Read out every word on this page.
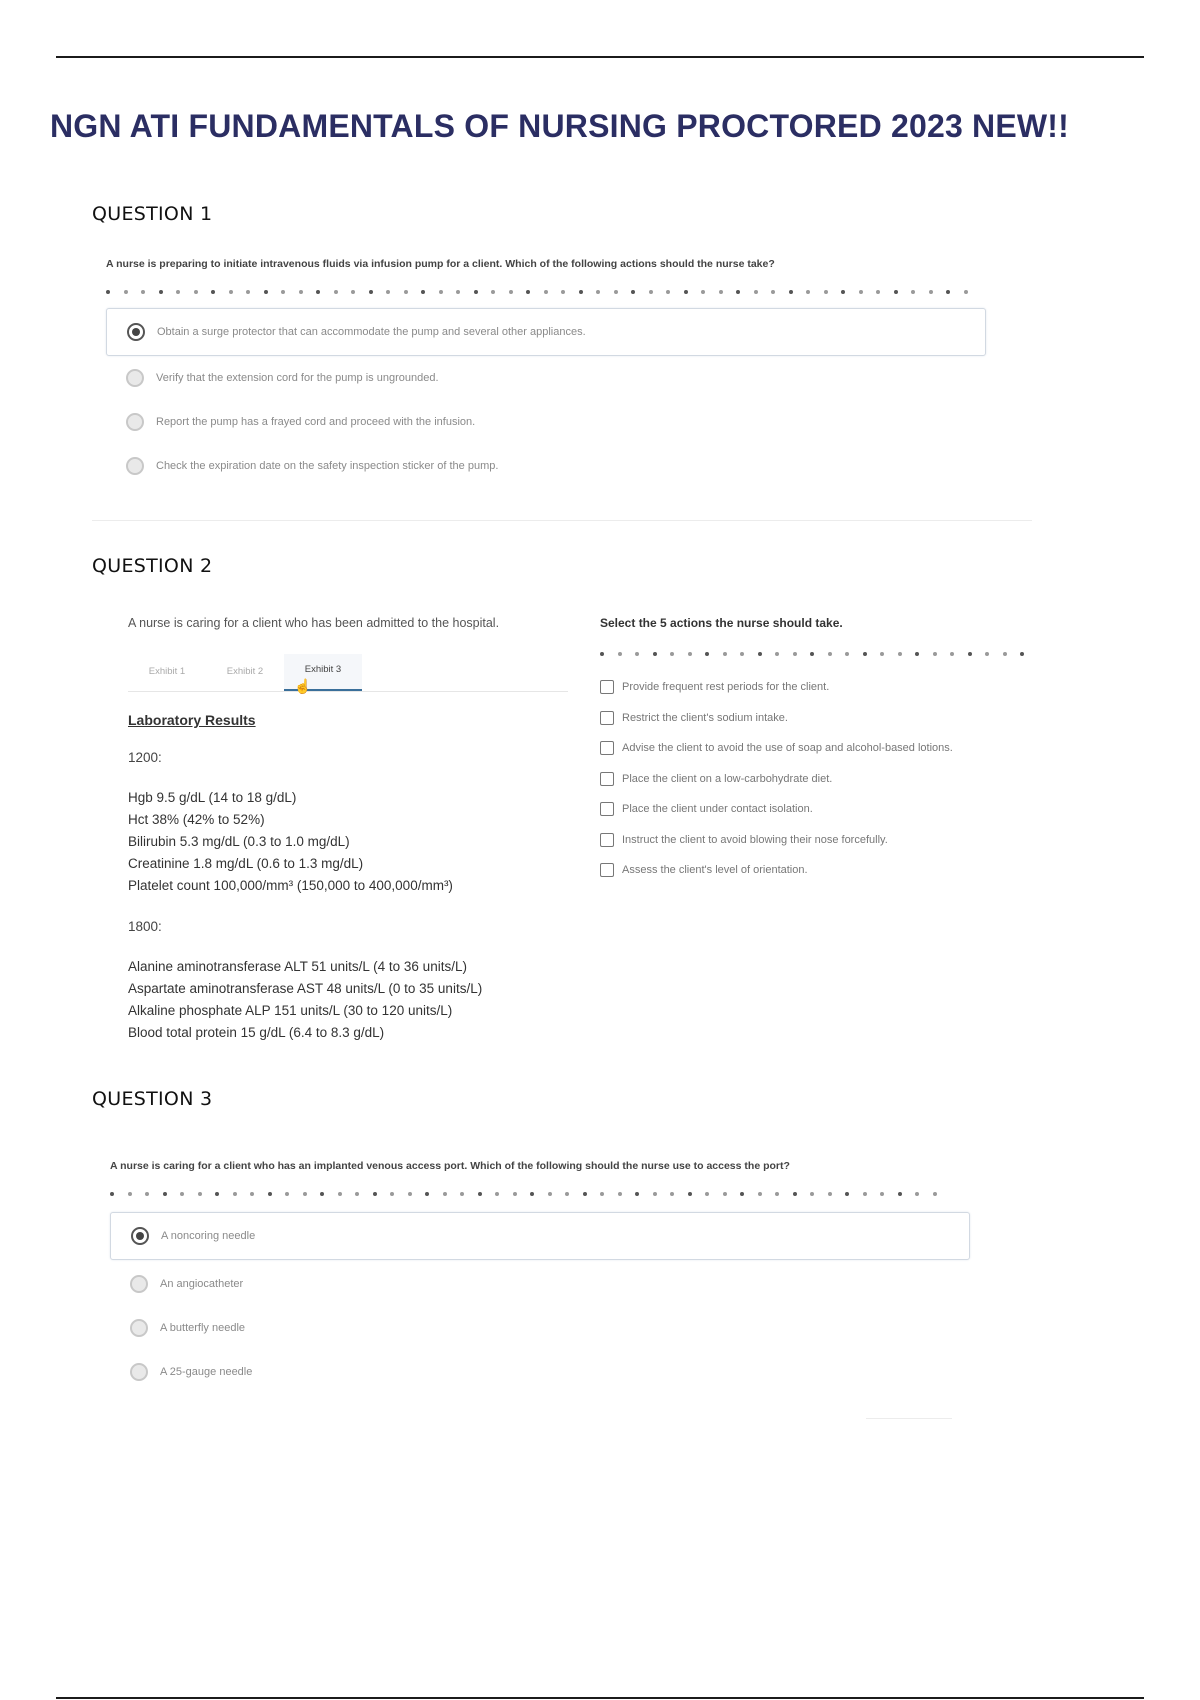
NGN ATI FUNDAMENTALS OF NURSING PROCTORED 2023 NEW!!
QUESTION 1
A nurse is preparing to initiate intravenous fluids via infusion pump for a client. Which of the following actions should the nurse take?
Obtain a surge protector that can accommodate the pump and several other appliances.
Verify that the extension cord for the pump is ungrounded.
Report the pump has a frayed cord and proceed with the infusion.
Check the expiration date on the safety inspection sticker of the pump.
QUESTION 2
A nurse is caring for a client who has been admitted to the hospital.
Exhibit 1	Exhibit 2	Exhibit 3
☝
Laboratory Results
1200:
Hgb 9.5 g/dL (14 to 18 g/dL)
Hct 38% (42% to 52%)
Bilirubin 5.3 mg/dL (0.3 to 1.0 mg/dL)
Creatinine 1.8 mg/dL (0.6 to 1.3 mg/dL)
Platelet count 100,000/mm³ (150,000 to 400,000/mm³)
1800:
Alanine aminotransferase ALT 51 units/L (4 to 36 units/L)
Aspartate aminotransferase AST 48 units/L (0 to 35 units/L)
Alkaline phosphate ALP 151 units/L (30 to 120 units/L)
Blood total protein 15 g/dL (6.4 to 8.3 g/dL)
Select the 5 actions the nurse should take.
Provide frequent rest periods for the client.
Restrict the client's sodium intake.
Advise the client to avoid the use of soap and alcohol-based lotions.
Place the client on a low-carbohydrate diet.
Place the client under contact isolation.
Instruct the client to avoid blowing their nose forcefully.
Assess the client's level of orientation.
QUESTION 3
A nurse is caring for a client who has an implanted venous access port. Which of the following should the nurse use to access the port?
A noncoring needle
An angiocatheter
A butterfly needle
A 25-gauge needle
